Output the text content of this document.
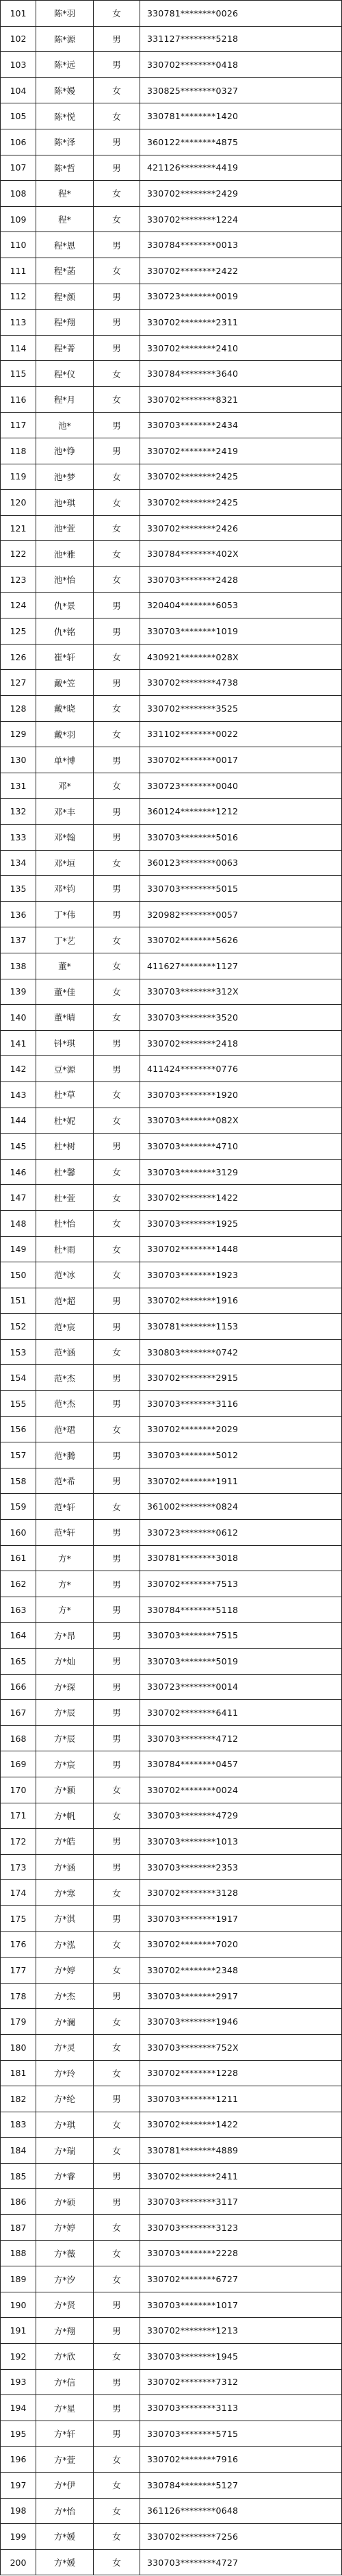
101	陈*羽	女	330781********0026
102	陈*源	男	331127********5218
103	陈*远	男	330702********0418
104	陈*嫚	女	330825********0327
105	陈*悦	女	330781********1420
106	陈*泽	男	360122********4875
107	陈*哲	男	421126********4419
108	程*	女	330702********2429
109	程*	女	330702********1224
110	程*恩	男	330784********0013
111	程*菡	女	330702********2422
112	程*颜	男	330723********0019
113	程*翔	男	330702********2311
114	程*菁	男	330702********2410
115	程*仪	女	330784********3640
116	程*月	女	330702********8321
117	池*	男	330703********2434
118	池*铮	男	330702********2419
119	池*梦	女	330702********2425
120	池*琪	女	330702********2425
121	池*萱	女	330702********2426
122	池*雅	女	330784********402X
123	池*怡	女	330703********2428
124	仇*景	男	320404********6053
125	仇*铭	男	330703********1019
126	崔*轩	女	430921********028X
127	戴*笠	男	330702********4738
128	戴*晓	女	330702********3525
129	戴*羽	女	331102********0022
130	单*博	男	330702********0017
131	邓*	女	330723********0040
132	邓*丰	男	360124********1212
133	邓*翰	男	330703********5016
134	邓*垣	女	360123********0063
135	邓*钧	男	330703********5015
136	丁*伟	男	320982********0057
137	丁*艺	女	330702********5626
138	董*	女	411627********1127
139	董*佳	女	330703********312X
140	董*晴	女	330703********3520
141	钭*琪	男	330702********2418
142	豆*源	男	411424********0776
143	杜*草	女	330703********1920
144	杜*妮	女	330703********082X
145	杜*树	男	330703********4710
146	杜*馨	女	330703********3129
147	杜*萱	女	330702********1422
148	杜*怡	女	330703********1925
149	杜*雨	女	330702********1448
150	范*冰	女	330703********1923
151	范*超	男	330702********1916
152	范*宸	男	330781********1153
153	范*涵	女	330803********0742
154	范*杰	男	330702********2915
155	范*杰	男	330703********3116
156	范*珺	女	330702********2029
157	范*腾	男	330703********5012
158	范*希	男	330702********1911
159	范*轩	女	361002********0824
160	范*轩	男	330723********0612
161	方*	男	330781********3018
162	方*	男	330702********7513
163	方*	男	330784********5118
164	方*昂	男	330703********7515
165	方*灿	男	330703********5019
166	方*琛	男	330723********0014
167	方*辰	男	330702********6411
168	方*辰	男	330703********4712
169	方*宸	男	330784********0457
170	方*颖	女	330702********0024
171	方*帆	女	330703********4729
172	方*皓	男	330703********1013
173	方*涵	男	330703********2353
174	方*寒	女	330702********3128
175	方*淇	男	330703********1917
176	方*泓	女	330702********7020
177	方*婷	女	330702********2348
178	方*杰	男	330703********2917
179	方*澜	女	330703********1946
180	方*灵	女	330703********752X
181	方*玲	女	330702********1228
182	方*纶	男	330703********1211
183	方*琪	女	330702********1422
184	方*瑞	女	330781********4889
185	方*睿	男	330702********2411
186	方*硕	男	330703********3117
187	方*婷	女	330703********3123
188	方*薇	女	330703********2228
189	方*汐	女	330702********6727
190	方*贤	男	330703********1017
191	方*翔	男	330702********1213
192	方*欣	女	330703********1945
193	方*信	男	330702********7312
194	方*星	男	330703********3113
195	方*轩	男	330703********5715
196	方*萱	女	330702********7916
197	方*伊	女	330784********5127
198	方*怡	女	361126********0648
199	方*媛	女	330702********7256
200	方*媛	女	330703********4727
